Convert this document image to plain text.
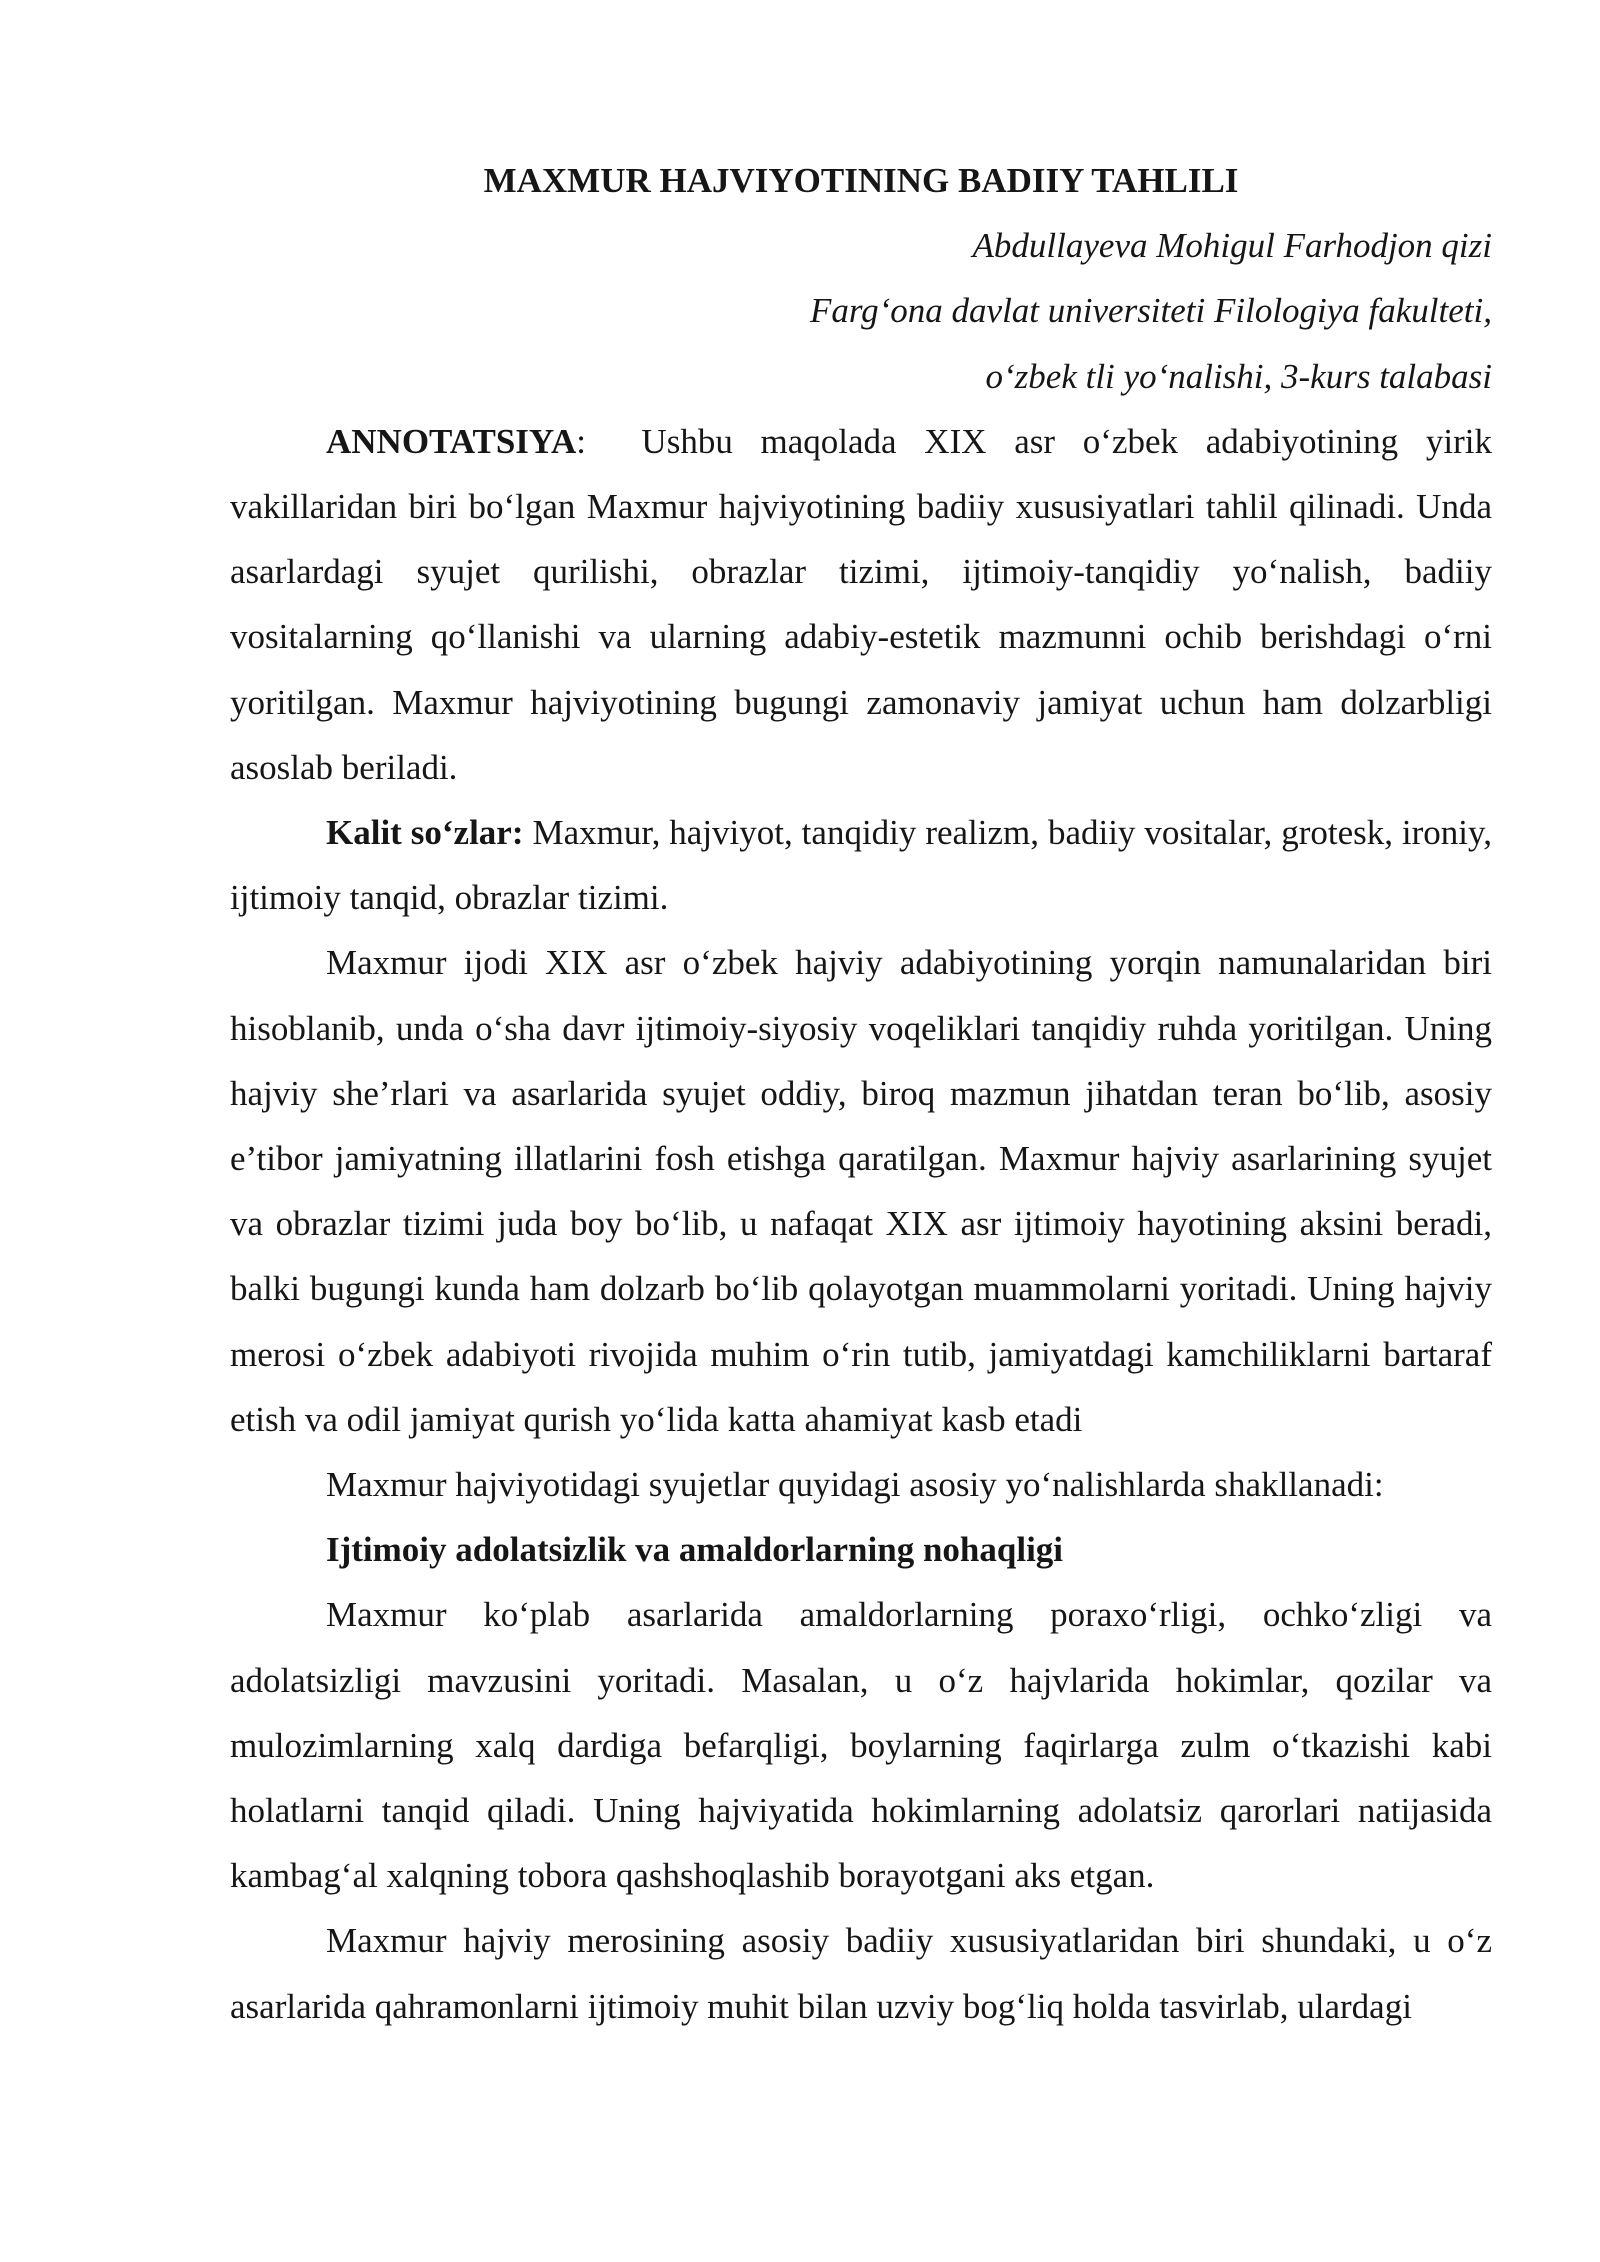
MAXMUR HAJVIYOTINING BADIIY TAHLILI

Abdullayeva Mohigul Farhodjon qizi

Farg‘ona davlat universiteti Filologiya fakulteti,

o‘zbek tli yo‘nalishi, 3-kurs talabasi

ANNOTATSIYA:  Ushbu maqolada XIX asr o‘zbek adabiyotining yirik vakillaridan biri bo‘lgan Maxmur hajviyotining badiiy xususiyatlari tahlil qilinadi. Unda asarlardagi syujet qurilishi, obrazlar tizimi, ijtimoiy-tanqidiy yo‘nalish, badiiy vositalarning qo‘llanishi va ularning adabiy-estetik mazmunni ochib berishdagi o‘rni yoritilgan. Maxmur hajviyotining bugungi zamonaviy jamiyat uchun ham dolzarbligi asoslab beriladi.

Kalit so‘zlar: Maxmur, hajviyot, tanqidiy realizm, badiiy vositalar, grotesk, ironiy, ijtimoiy tanqid, obrazlar tizimi.

Maxmur ijodi XIX asr o‘zbek hajviy adabiyotining yorqin namunalaridan biri hisoblanib, unda o‘sha davr ijtimoiy-siyosiy voqeliklari tanqidiy ruhda yoritilgan. Uning hajviy she’rlari va asarlarida syujet oddiy, biroq mazmun jihatdan teran bo‘lib, asosiy e’tibor jamiyatning illatlarini fosh etishga qaratilgan. Maxmur hajviy asarlarining syujet va obrazlar tizimi juda boy bo‘lib, u nafaqat XIX asr ijtimoiy hayotining aksini beradi, balki bugungi kunda ham dolzarb bo‘lib qolayotgan muammolarni yoritadi. Uning hajviy merosi o‘zbek adabiyoti rivojida muhim o‘rin tutib, jamiyatdagi kamchiliklarni bartaraf etish va odil jamiyat qurish yo‘lida katta ahamiyat kasb etadi

Maxmur hajviyotidagi syujetlar quyidagi asosiy yo‘nalishlarda shakllanadi:

Ijtimoiy adolatsizlik va amaldorlarning nohaqligi

Maxmur ko‘plab asarlarida amaldorlarning poraxo‘rligi, ochko‘zligi va adolatsizligi mavzusini yoritadi. Masalan, u o‘z hajvlarida hokimlar, qozilar va mulozimlarning xalq dardiga befarqligi, boylarning faqirlarga zulm o‘tkazishi kabi holatlarni tanqid qiladi. Uning hajviyatida hokimlarning adolatsiz qarorlari natijasida kambag‘al xalqning tobora qashshoqlashib borayotgani aks etgan.

Maxmur hajviy merosining asosiy badiiy xususiyatlaridan biri shundaki, u o‘z asarlarida qahramonlarni ijtimoiy muhit bilan uzviy bog‘liq holda tasvirlab, ulardagi
